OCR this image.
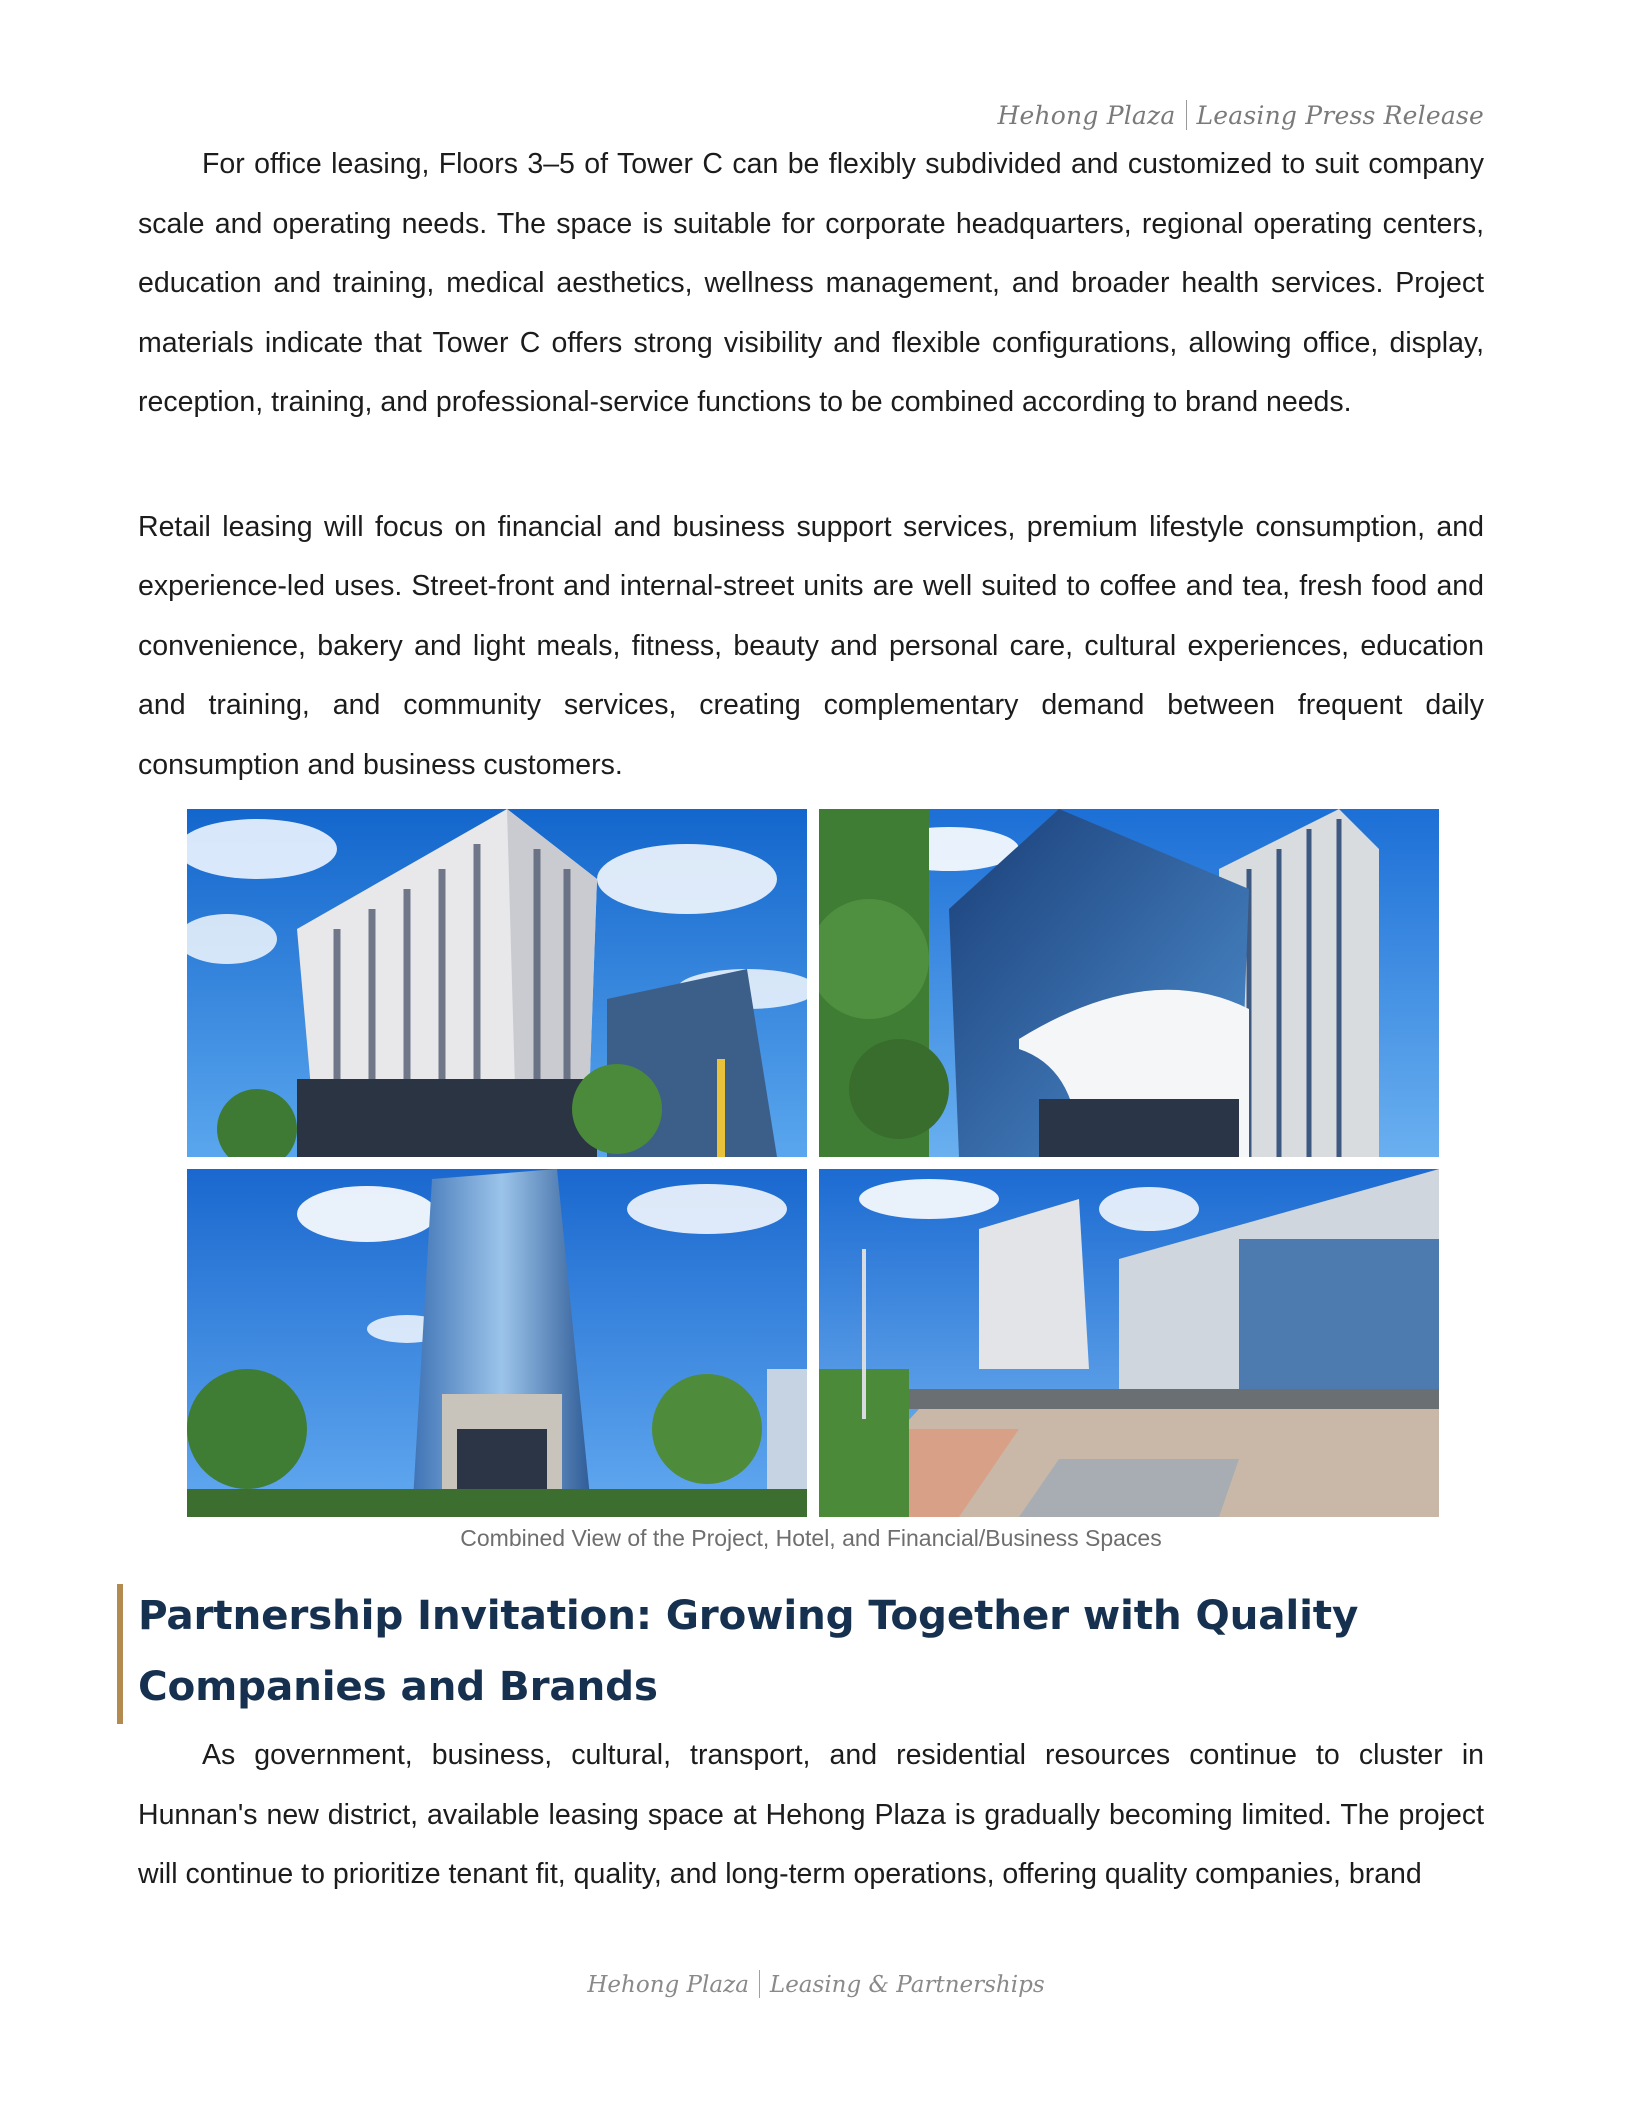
Hehong Plaza Leasing Press Release

For office leasing, Floors 3–5 of Tower C can be flexibly subdivided and customized to suit company scale and operating needs. The space is suitable for corporate headquarters, regional operating centers, education and training, medical aesthetics, wellness management, and broader health services. Project materials indicate that Tower C offers strong visibility and flexible configurations, allowing office, display, reception, training, and professional-service functions to be combined according to brand needs.

Retail leasing will focus on financial and business support services, premium lifestyle consumption, and experience-led uses. Street-front and internal-street units are well suited to coffee and tea, fresh food and convenience, bakery and light meals, fitness, beauty and personal care, cultural experiences, education and training, and community services, creating complementary demand between frequent daily consumption and business customers.

Combined View of the Project, Hotel, and Financial/Business Spaces
Partnership Invitation: Growing Together with Quality Companies and Brands

As government, business, cultural, transport, and residential resources continue to cluster in Hunnan's new district, available leasing space at Hehong Plaza is gradually becoming limited. The project will continue to prioritize tenant fit, quality, and long-term operations, offering quality companies, brand

Hehong Plaza Leasing & Partnerships
